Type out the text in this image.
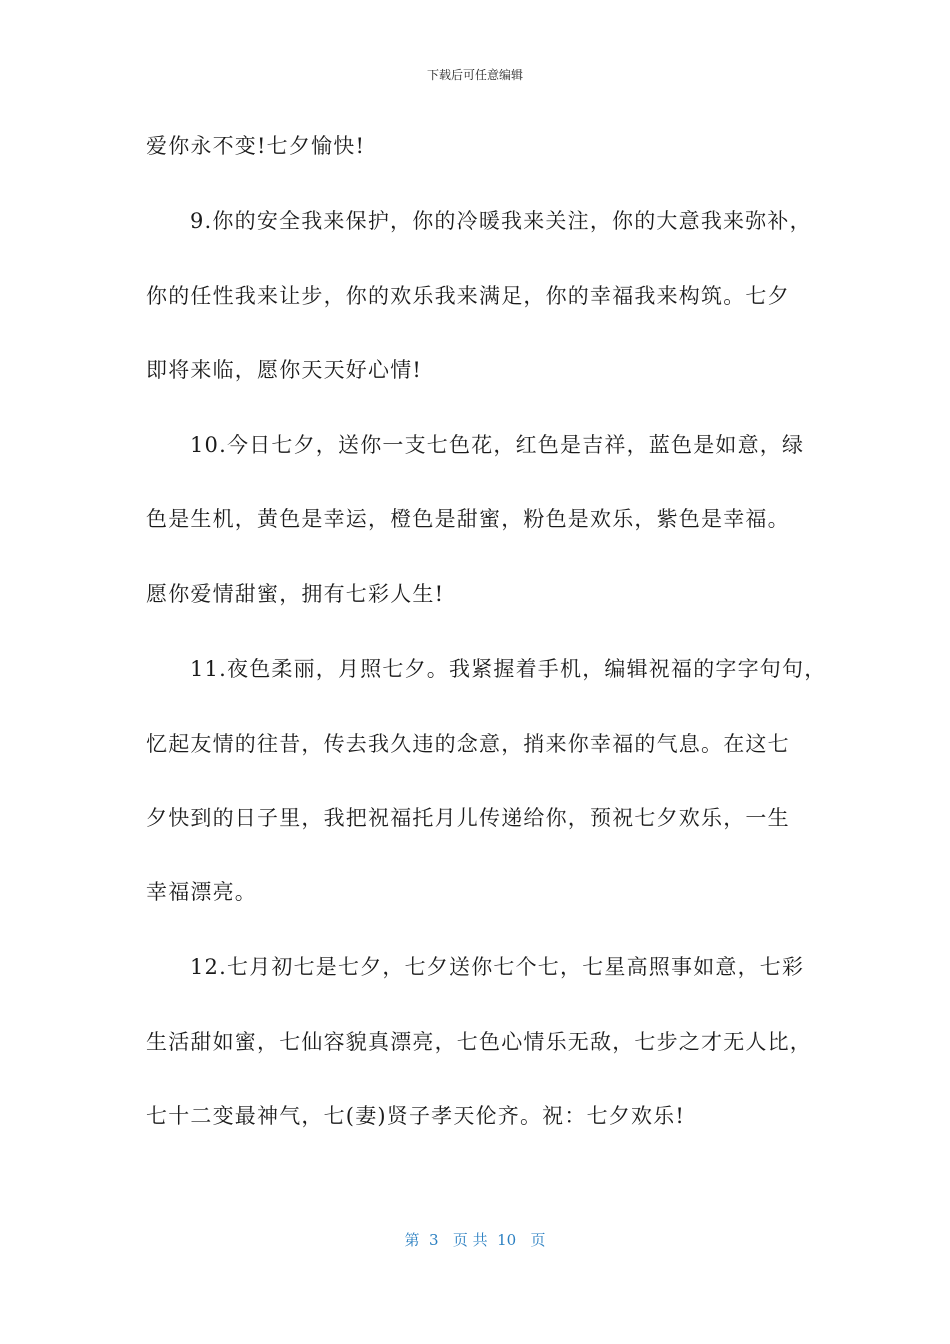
下载后可任意编辑
爱你永不变!七夕愉快!
9.你的安全我来保护，你的冷暖我来关注，你的大意我来弥补，
你的任性我来让步，你的欢乐我来满足，你的幸福我来构筑。七夕
即将来临，愿你天天好心情!
10.今日七夕，送你一支七色花，红色是吉祥，蓝色是如意，绿
色是生机，黄色是幸运，橙色是甜蜜，粉色是欢乐，紫色是幸福。
愿你爱情甜蜜，拥有七彩人生!
11.夜色柔丽，月照七夕。我紧握着手机，编辑祝福的字字句句，
忆起友情的往昔，传去我久违的念意，捎来你幸福的气息。在这七
夕快到的日子里，我把祝福托月儿传递给你，预祝七夕欢乐，一生
幸福漂亮。
12.七月初七是七夕，七夕送你七个七，七星高照事如意，七彩
生活甜如蜜，七仙容貌真漂亮，七色心情乐无敌，七步之才无人比，
七十二变最神气，七(妻)贤子孝天伦齐。祝：七夕欢乐!
第  3   页 共  10   页
